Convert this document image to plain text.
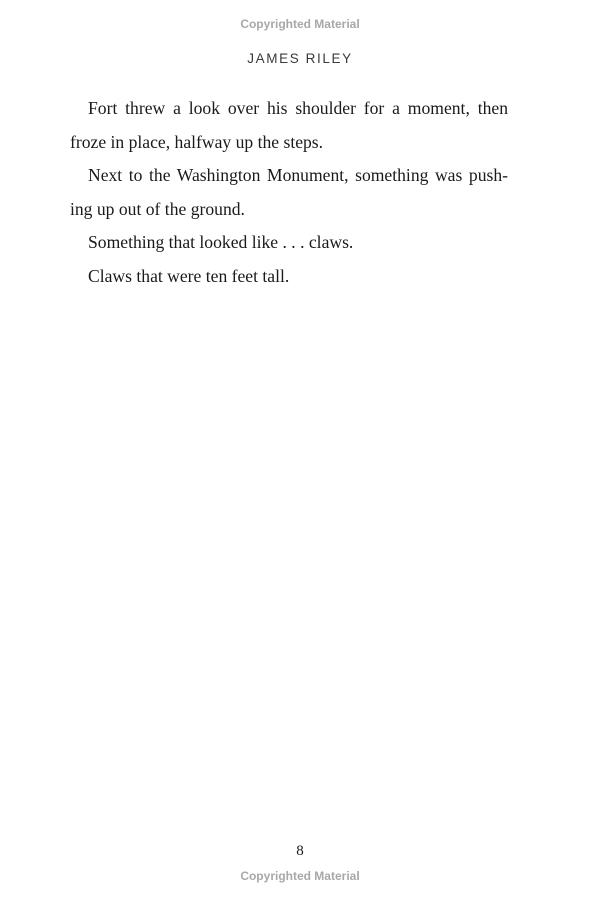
Copyrighted Material
JAMES RILEY

Fort threw a look over his shoulder for a moment, then froze in place, halfway up the steps.

Next to the Washington Monument, something was push-ing up out of the ground.

Something that looked like . . . claws.

Claws that were ten feet tall.

8
Copyrighted Material
